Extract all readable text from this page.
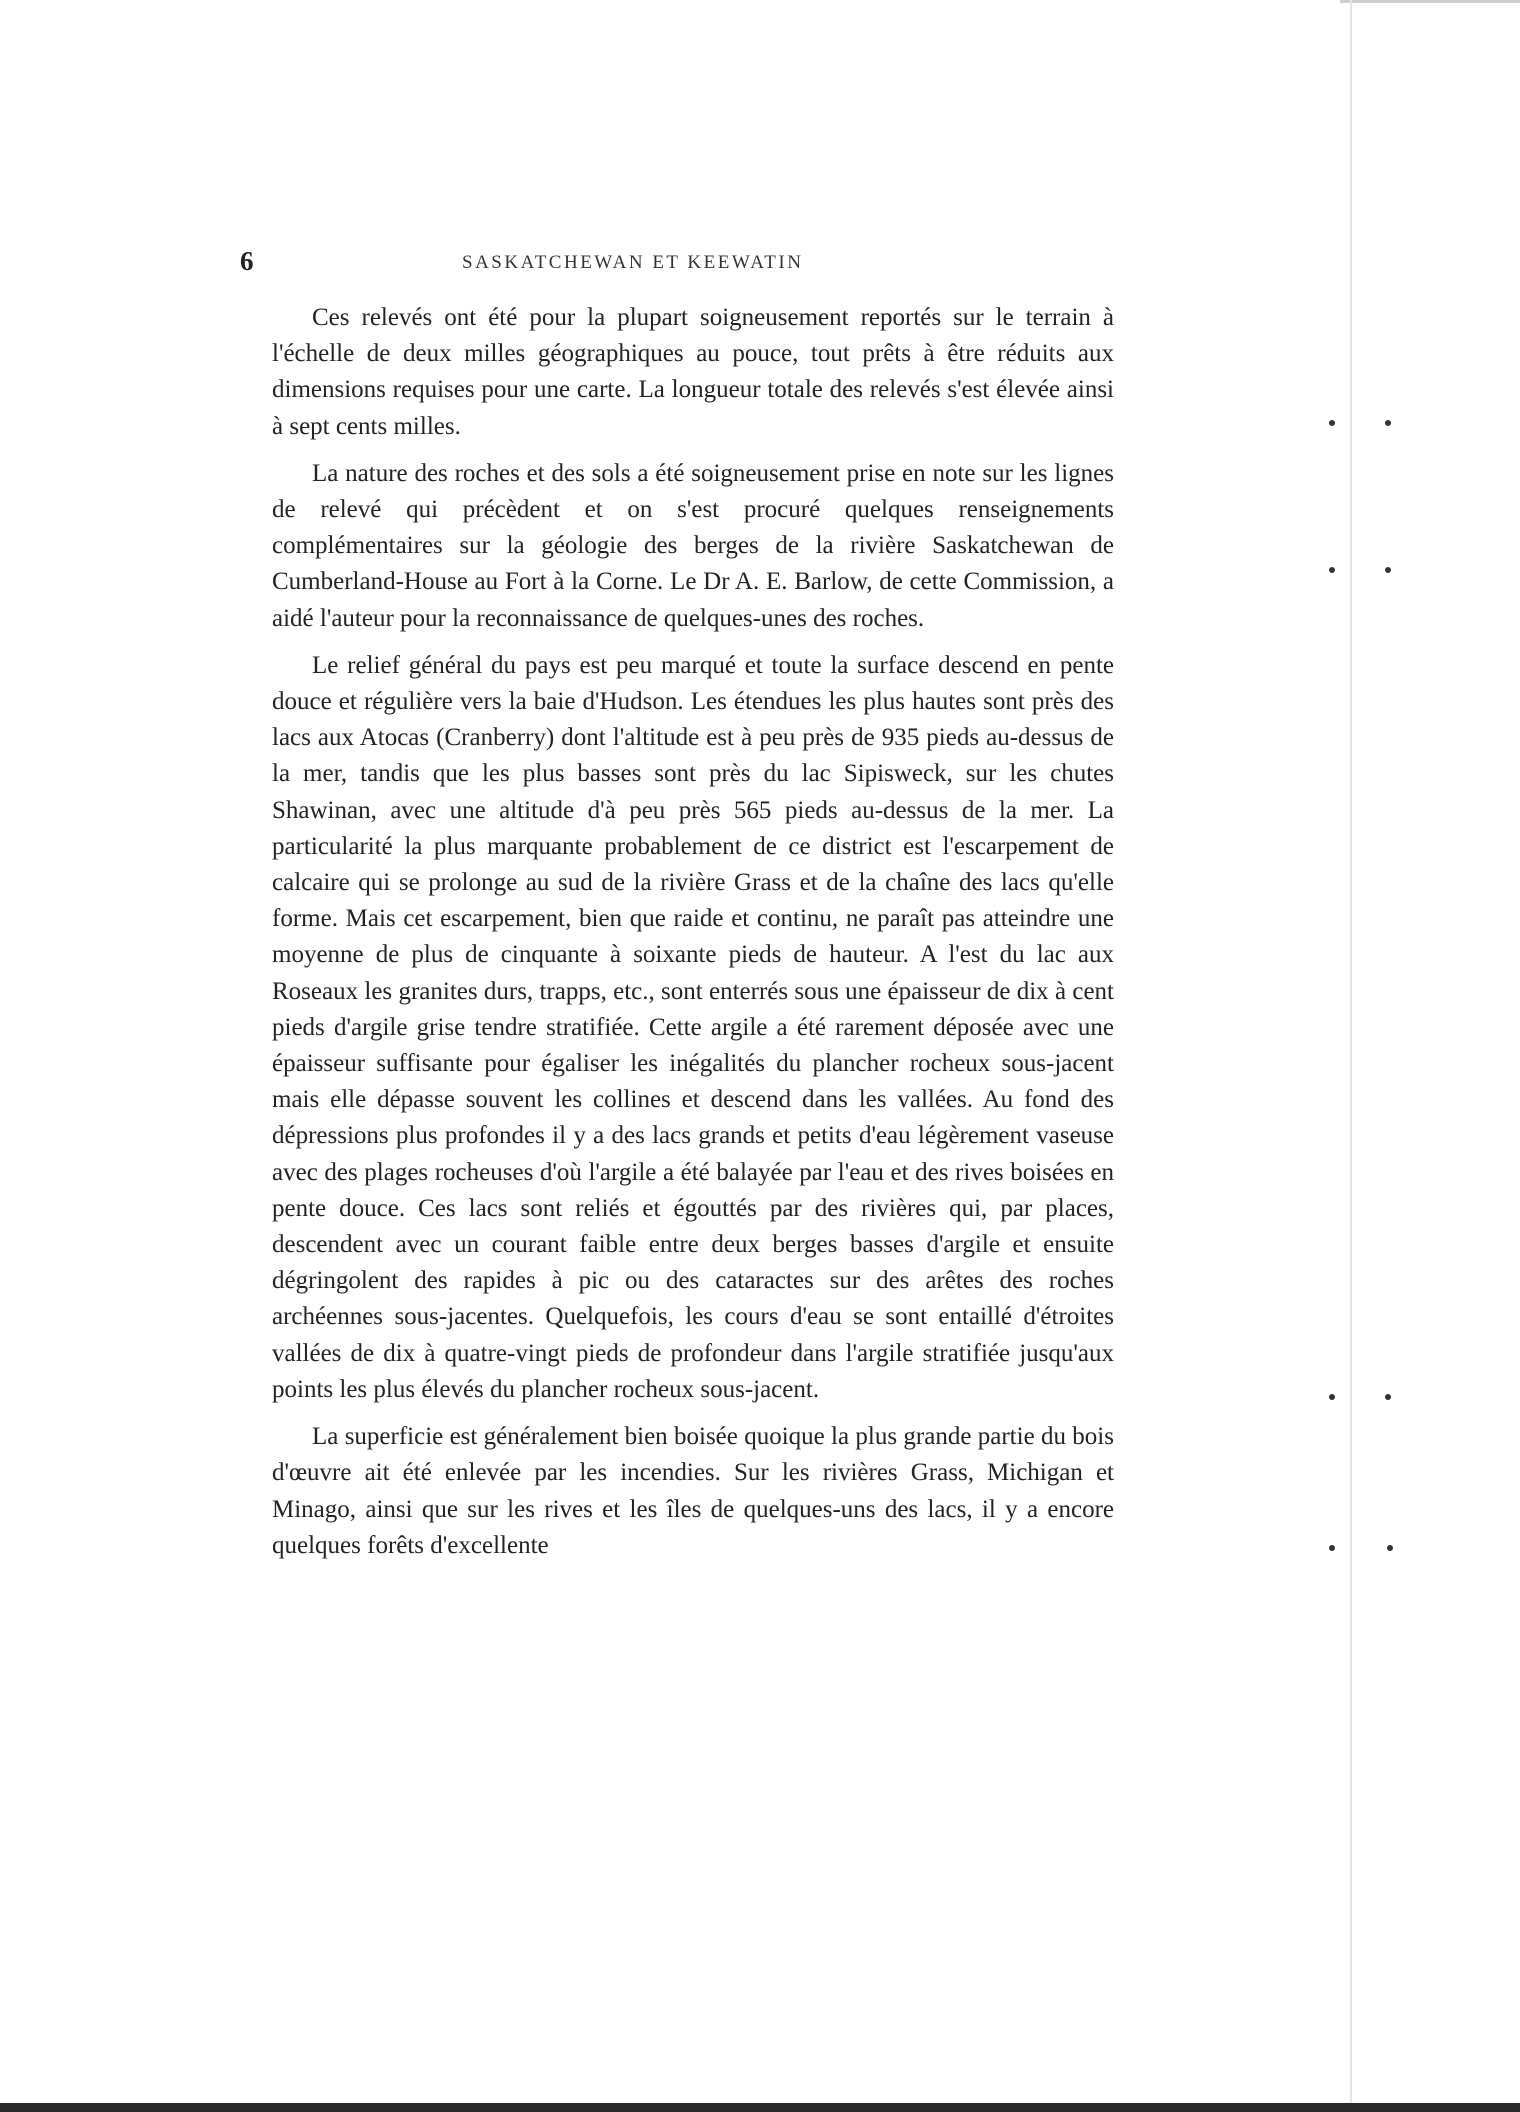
6	SASKATCHEWAN ET KEEWATIN

Ces relevés ont été pour la plupart soigneusement reportés sur le terrain à l'échelle de deux milles géographiques au pouce, tout prêts à être réduits aux dimensions requises pour une carte. La longueur totale des relevés s'est élevée ainsi à sept cents milles.

La nature des roches et des sols a été soigneusement prise en note sur les lignes de relevé qui précèdent et on s'est procuré quelques renseignements complémentaires sur la géologie des berges de la rivière Saskatchewan de Cumberland-House au Fort à la Corne. Le Dr A. E. Barlow, de cette Commission, a aidé l'auteur pour la reconnaissance de quelques-unes des roches.

Le relief général du pays est peu marqué et toute la surface descend en pente douce et régulière vers la baie d'Hudson. Les étendues les plus hautes sont près des lacs aux Atocas (Cranberry) dont l'altitude est à peu près de 935 pieds au-dessus de la mer, tandis que les plus basses sont près du lac Sipisweck, sur les chutes Shawinan, avec une altitude d'à peu près 565 pieds au-dessus de la mer. La particularité la plus marquante probablement de ce district est l'escarpement de calcaire qui se prolonge au sud de la rivière Grass et de la chaîne des lacs qu'elle forme. Mais cet escarpement, bien que raide et continu, ne paraît pas atteindre une moyenne de plus de cinquante à soixante pieds de hauteur. A l'est du lac aux Roseaux les granites durs, trapps, etc., sont enterrés sous une épaisseur de dix à cent pieds d'argile grise tendre stratifiée. Cette argile a été rarement déposée avec une épaisseur suffisante pour égaliser les inégalités du plancher rocheux sous-jacent mais elle dépasse souvent les collines et descend dans les vallées. Au fond des dépressions plus profondes il y a des lacs grands et petits d'eau légèrement vaseuse avec des plages rocheuses d'où l'argile a été balayée par l'eau et des rives boisées en pente douce. Ces lacs sont reliés et égouttés par des rivières qui, par places, descendent avec un courant faible entre deux berges basses d'argile et ensuite dégringolent des rapides à pic ou des cataractes sur des arêtes des roches archéennes sous-jacentes. Quelquefois, les cours d'eau se sont entaillé d'étroites vallées de dix à quatre-vingt pieds de profondeur dans l'argile stratifiée jusqu'aux points les plus élevés du plancher rocheux sous-jacent.

La superficie est généralement bien boisée quoique la plus grande partie du bois d'œuvre ait été enlevée par les incendies. Sur les rivières Grass, Michigan et Minago, ainsi que sur les rives et les îles de quelques-uns des lacs, il y a encore quelques forêts d'excellente
